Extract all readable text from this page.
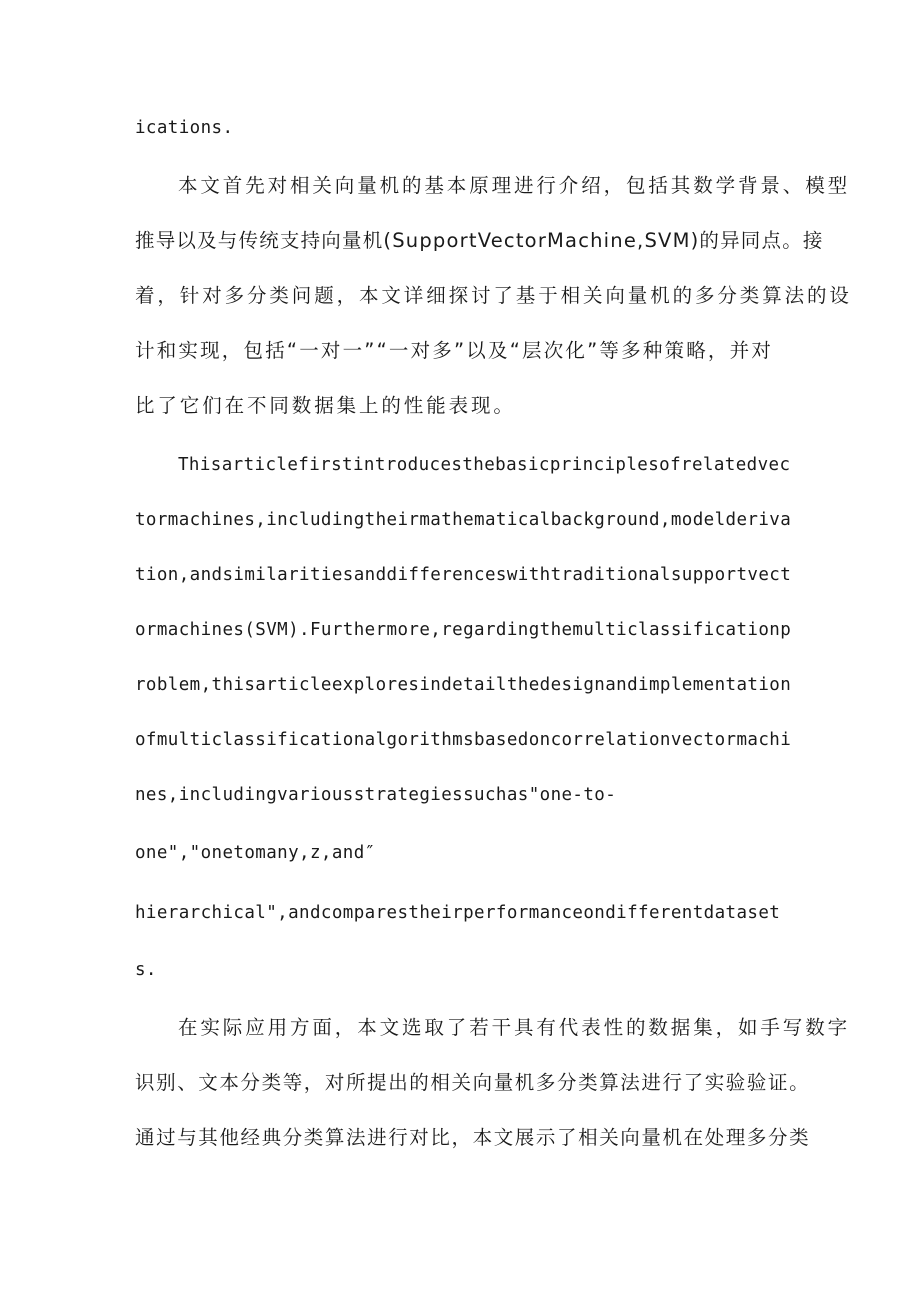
ications.
本文首先对相关向量机的基本原理进行介绍，包括其数学背景、模型
推导以及与传统支持向量机(SupportVectorMachine,SVM)的异同点。接
着，针对多分类问题，本文详细探讨了基于相关向量机的多分类算法的设
计和实现，包括“一对一”“一对多”以及“层次化”等多种策略，并对
比了它们在不同数据集上的性能表现。
Thisarticlefirstintroducesthebasicprinciplesofrelatedvec
tormachines,includingtheirmathematicalbackground,modelderiva
tion,andsimilaritiesanddifferenceswithtraditionalsupportvect
ormachines(SVM).Furthermore,regardingthemulticlassificationp
roblem,thisarticleexploresindetailthedesignandimplementation
ofmulticlassificationalgorithmsbasedoncorrelationvectormachi
nes,includingvariousstrategiessuchas"one-to-
one","onetomany,z,and″
hierarchical",andcomparestheirperformanceondifferentdataset
s.
在实际应用方面，本文选取了若干具有代表性的数据集，如手写数字
识别、文本分类等，对所提出的相关向量机多分类算法进行了实验验证。
通过与其他经典分类算法进行对比，本文展示了相关向量机在处理多分类
